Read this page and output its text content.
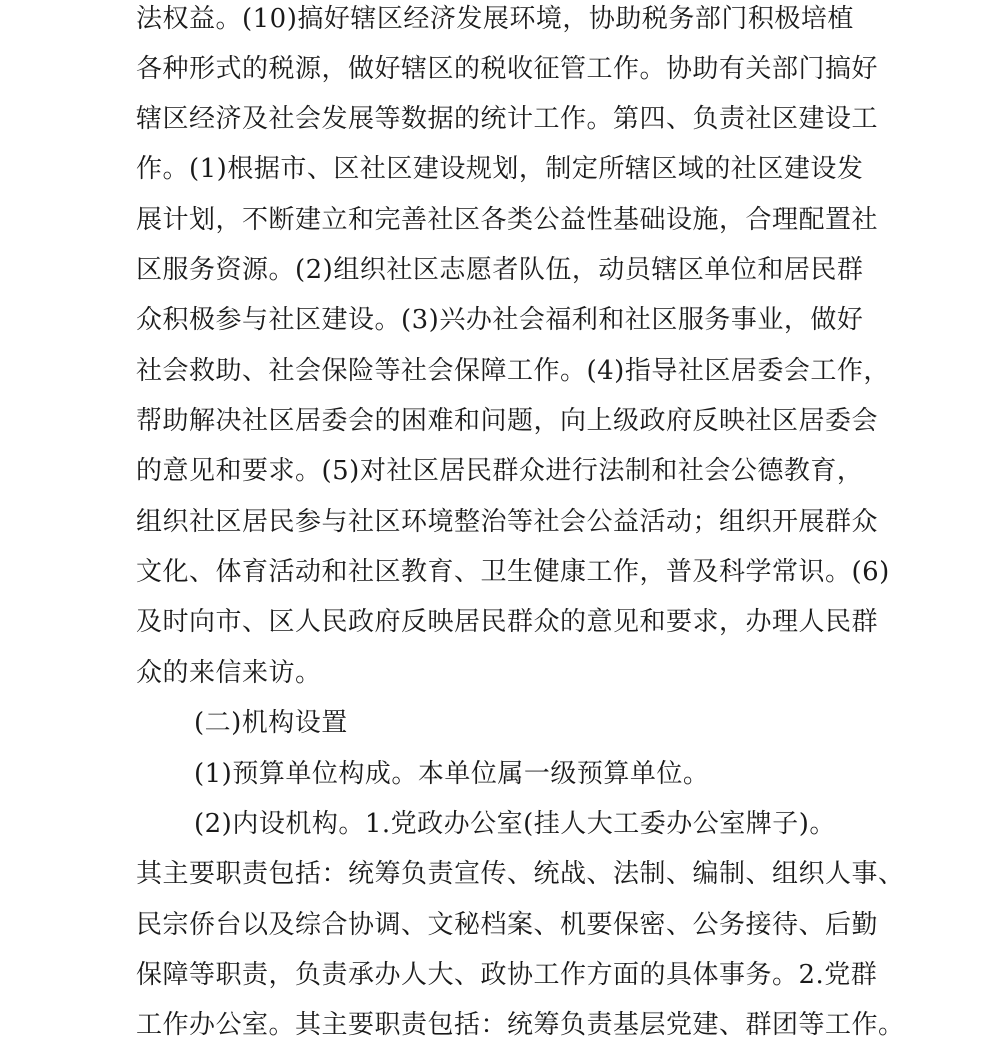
法权益。(10)搞好辖区经济发展环境，协助税务部门积极培植
各种形式的税源，做好辖区的税收征管工作。协助有关部门搞好
辖区经济及社会发展等数据的统计工作。第四、负责社区建设工
作。(1)根据市、区社区建设规划，制定所辖区域的社区建设发
展计划，不断建立和完善社区各类公益性基础设施，合理配置社
区服务资源。(2)组织社区志愿者队伍，动员辖区单位和居民群
众积极参与社区建设。(3)兴办社会福利和社区服务事业，做好
社会救助、社会保险等社会保障工作。(4)指导社区居委会工作，
帮助解决社区居委会的困难和问题，向上级政府反映社区居委会
的意见和要求。(5)对社区居民群众进行法制和社会公德教育，
组织社区居民参与社区环境整治等社会公益活动；组织开展群众
文化、体育活动和社区教育、卫生健康工作，普及科学常识。(6)
及时向市、区人民政府反映居民群众的意见和要求，办理人民群
众的来信来访。
(二)机构设置
(1)预算单位构成。本单位属一级预算单位。
(2)内设机构。1.党政办公室(挂人大工委办公室牌子)。
其主要职责包括：统筹负责宣传、统战、法制、编制、组织人事、
民宗侨台以及综合协调、文秘档案、机要保密、公务接待、后勤
保障等职责，负责承办人大、政协工作方面的具体事务。2.党群
工作办公室。其主要职责包括：统筹负责基层党建、群团等工作。
